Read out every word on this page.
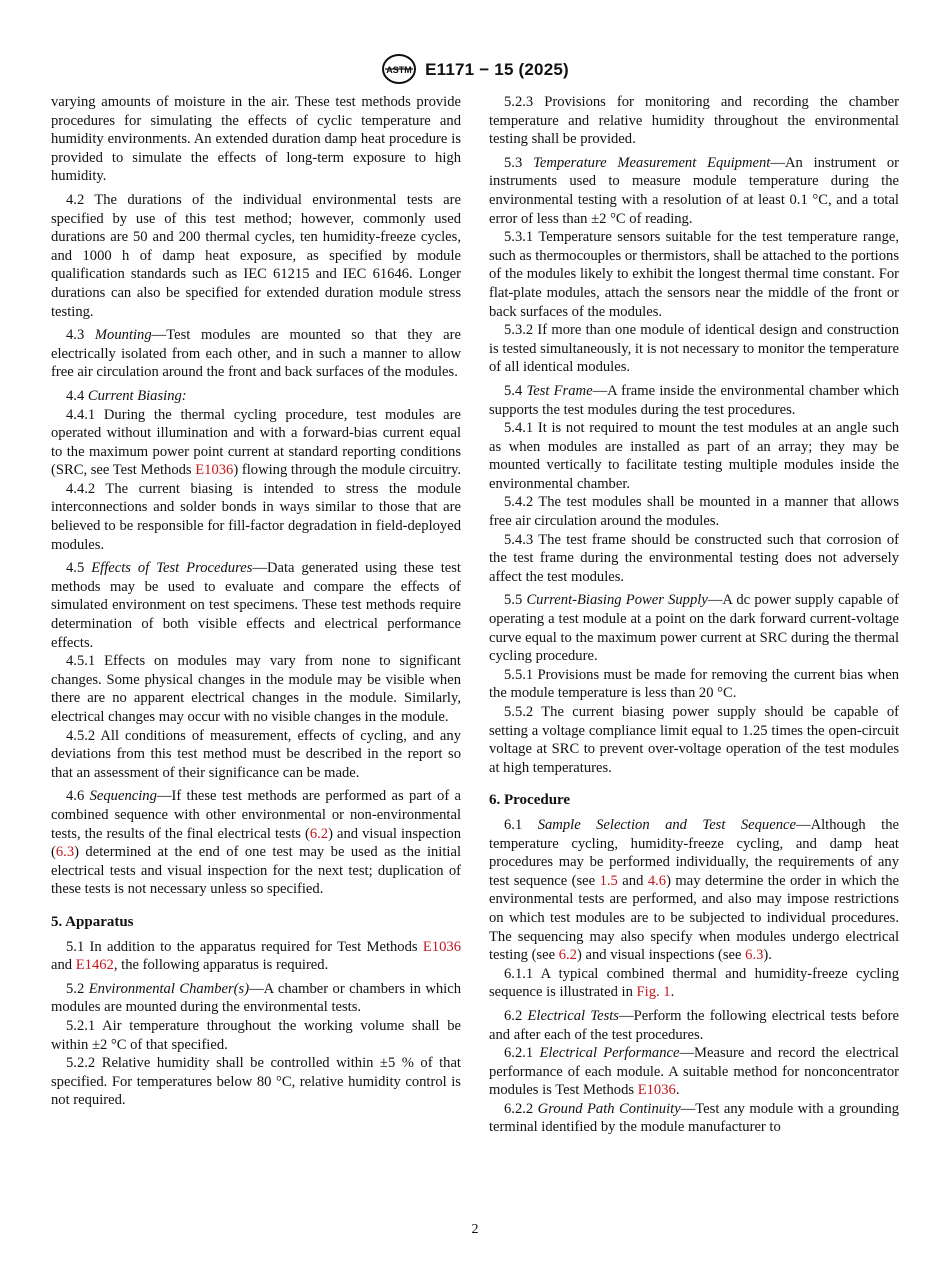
ASTM E1171 − 15 (2025)

varying amounts of moisture in the air. These test methods provide procedures for simulating the effects of cyclic temperature and humidity environments. An extended duration damp heat procedure is provided to simulate the effects of long-term exposure to high humidity.

4.2 The durations of the individual environmental tests are specified by use of this test method; however, commonly used durations are 50 and 200 thermal cycles, ten humidity-freeze cycles, and 1000 h of damp heat exposure, as specified by module qualification standards such as IEC 61215 and IEC 61646. Longer durations can also be specified for extended duration module stress testing.

4.3 Mounting—Test modules are mounted so that they are electrically isolated from each other, and in such a manner to allow free air circulation around the front and back surfaces of the modules.

4.4 Current Biasing:

4.4.1 During the thermal cycling procedure, test modules are operated without illumination and with a forward-bias current equal to the maximum power point current at standard reporting conditions (SRC, see Test Methods E1036) flowing through the module circuitry.

4.4.2 The current biasing is intended to stress the module interconnections and solder bonds in ways similar to those that are believed to be responsible for fill-factor degradation in field-deployed modules.

4.5 Effects of Test Procedures—Data generated using these test methods may be used to evaluate and compare the effects of simulated environment on test specimens. These test methods require determination of both visible effects and electrical performance effects.

4.5.1 Effects on modules may vary from none to significant changes. Some physical changes in the module may be visible when there are no apparent electrical changes in the module. Similarly, electrical changes may occur with no visible changes in the module.

4.5.2 All conditions of measurement, effects of cycling, and any deviations from this test method must be described in the report so that an assessment of their significance can be made.

4.6 Sequencing—If these test methods are performed as part of a combined sequence with other environmental or non-environmental tests, the results of the final electrical tests (6.2) and visual inspection (6.3) determined at the end of one test may be used as the initial electrical tests and visual inspection for the next test; duplication of these tests is not necessary unless so specified.

5. Apparatus

5.1 In addition to the apparatus required for Test Methods E1036 and E1462, the following apparatus is required.

5.2 Environmental Chamber(s)—A chamber or chambers in which modules are mounted during the environmental tests.

5.2.1 Air temperature throughout the working volume shall be within ±2 °C of that specified.

5.2.2 Relative humidity shall be controlled within ±5 % of that specified. For temperatures below 80 °C, relative humidity control is not required.

5.2.3 Provisions for monitoring and recording the chamber temperature and relative humidity throughout the environmental testing shall be provided.

5.3 Temperature Measurement Equipment—An instrument or instruments used to measure module temperature during the environmental testing with a resolution of at least 0.1 °C, and a total error of less than ±2 °C of reading.

5.3.1 Temperature sensors suitable for the test temperature range, such as thermocouples or thermistors, shall be attached to the portions of the modules likely to exhibit the longest thermal time constant. For flat-plate modules, attach the sensors near the middle of the front or back surfaces of the modules.

5.3.2 If more than one module of identical design and construction is tested simultaneously, it is not necessary to monitor the temperature of all identical modules.

5.4 Test Frame—A frame inside the environmental chamber which supports the test modules during the test procedures.

5.4.1 It is not required to mount the test modules at an angle such as when modules are installed as part of an array; they may be mounted vertically to facilitate testing multiple modules inside the environmental chamber.

5.4.2 The test modules shall be mounted in a manner that allows free air circulation around the modules.

5.4.3 The test frame should be constructed such that corrosion of the test frame during the environmental testing does not adversely affect the test modules.

5.5 Current-Biasing Power Supply—A dc power supply capable of operating a test module at a point on the dark forward current-voltage curve equal to the maximum power current at SRC during the thermal cycling procedure.

5.5.1 Provisions must be made for removing the current bias when the module temperature is less than 20 °C.

5.5.2 The current biasing power supply should be capable of setting a voltage compliance limit equal to 1.25 times the open-circuit voltage at SRC to prevent over-voltage operation of the test modules at high temperatures.

6. Procedure

6.1 Sample Selection and Test Sequence—Although the temperature cycling, humidity-freeze cycling, and damp heat procedures may be performed individually, the requirements of any test sequence (see 1.5 and 4.6) may determine the order in which the environmental tests are performed, and also may impose restrictions on which test modules are to be subjected to individual procedures. The sequencing may also specify when modules undergo electrical testing (see 6.2) and visual inspections (see 6.3).

6.1.1 A typical combined thermal and humidity-freeze cycling sequence is illustrated in Fig. 1.

6.2 Electrical Tests—Perform the following electrical tests before and after each of the test procedures.

6.2.1 Electrical Performance—Measure and record the electrical performance of each module. A suitable method for nonconcentrator modules is Test Methods E1036.

6.2.2 Ground Path Continuity—Test any module with a grounding terminal identified by the module manufacturer to

2
